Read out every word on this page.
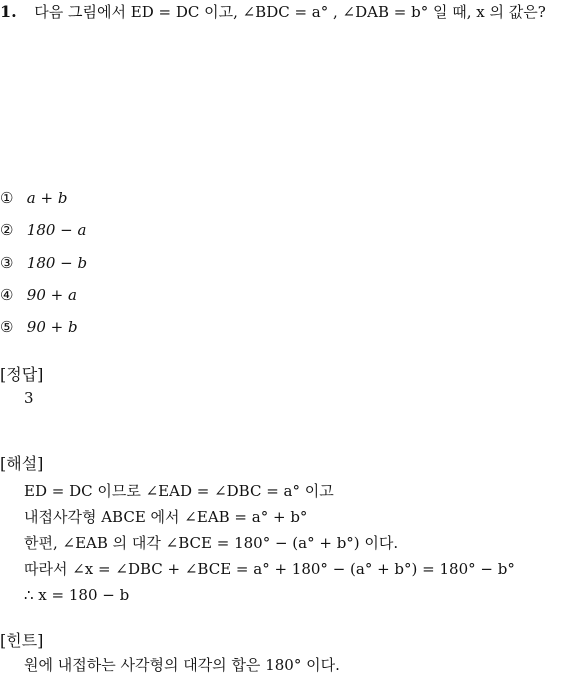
1. 다음 그림에서 ED = DC 이고, ∠BDC = a° , ∠DAB = b° 일 때, x 의 값은?
① a + b
② 180 − a
③ 180 − b
④ 90 + a
⑤ 90 + b
[정답]
3
[해설]
ED = DC 이므로 ∠EAD = ∠DBC = a° 이고
내접사각형 ABCE 에서 ∠EAB = a° + b°
한편, ∠EAB 의 대각 ∠BCE = 180° − (a° + b°) 이다.
따라서 ∠x = ∠DBC + ∠BCE = a° + 180° − (a° + b°) = 180° − b°
∴ x = 180 − b
[힌트]
원에 내접하는 사각형의 대각의 합은 180° 이다.
